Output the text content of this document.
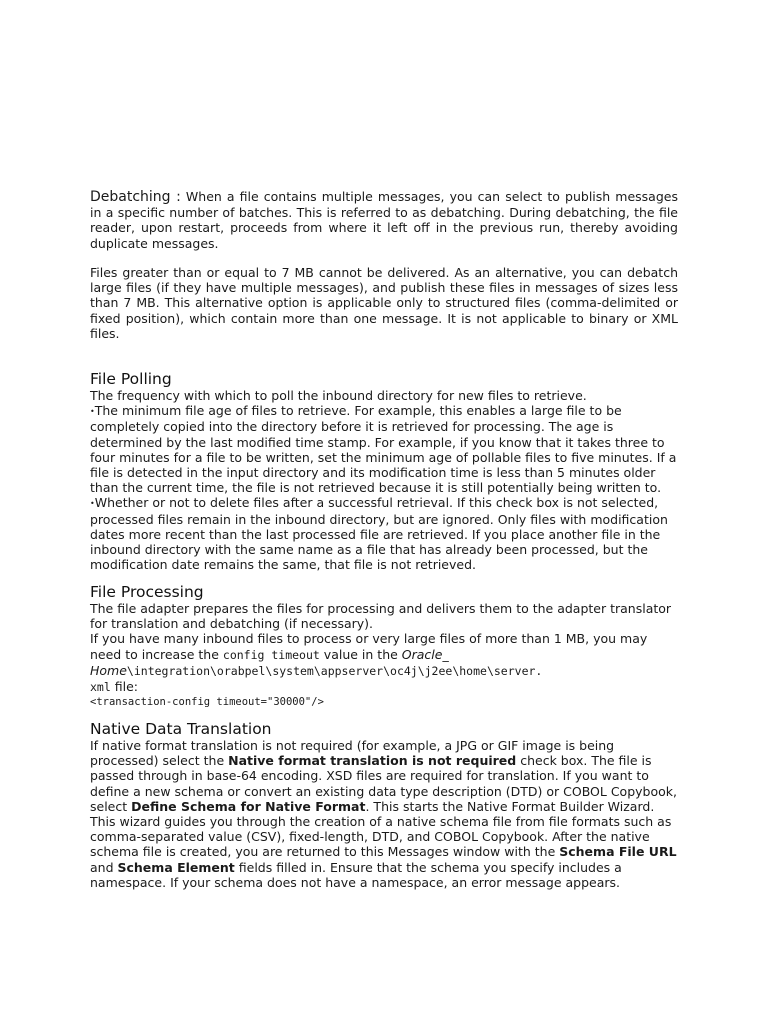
Debatching : When a file contains multiple messages, you can select to publish messages in a specific number of batches. This is referred to as debatching. During debatching, the file reader, upon restart, proceeds from where it left off in the previous run, thereby avoiding duplicate messages.

Files greater than or equal to 7 MB cannot be delivered. As an alternative, you can debatch large files (if they have multiple messages), and publish these files in messages of sizes less than 7 MB. This alternative option is applicable only to structured files (comma-delimited or fixed position), which contain more than one message. It is not applicable to binary or XML files.

File Polling

The frequency with which to poll the inbound directory for new files to retrieve.

•The minimum file age of files to retrieve. For example, this enables a large file to be completely copied into the directory before it is retrieved for processing. The age is determined by the last modified time stamp. For example, if you know that it takes three to four minutes for a file to be written, set the minimum age of pollable files to five minutes. If a file is detected in the input directory and its modification time is less than 5 minutes older than the current time, the file is not retrieved because it is still potentially being written to.

•Whether or not to delete files after a successful retrieval. If this check box is not selected, processed files remain in the inbound directory, but are ignored. Only files with modification dates more recent than the last processed file are retrieved. If you place another file in the inbound directory with the same name as a file that has already been processed, but the modification date remains the same, that file is not retrieved.

File Processing

The file adapter prepares the files for processing and delivers them to the adapter translator for translation and debatching (if necessary).

If you have many inbound files to process or very large files of more than 1 MB, you may need to increase the config timeout value in the Oracle_
Home\integration\orabpel\system\appserver\oc4j\j2ee\home\server.
xml file:

<transaction-config timeout="30000"/>

Native Data Translation

If native format translation is not required (for example, a JPG or GIF image is being processed) select the Native format translation is not required check box. The file is passed through in base-64 encoding. XSD files are required for translation. If you want to define a new schema or convert an existing data type description (DTD) or COBOL Copybook, select Define Schema for Native Format. This starts the Native Format Builder Wizard. This wizard guides you through the creation of a native schema file from file formats such as comma-separated value (CSV), fixed-length, DTD, and COBOL Copybook. After the native schema file is created, you are returned to this Messages window with the Schema File URL and Schema Element fields filled in. Ensure that the schema you specify includes a namespace. If your schema does not have a namespace, an error message appears.
